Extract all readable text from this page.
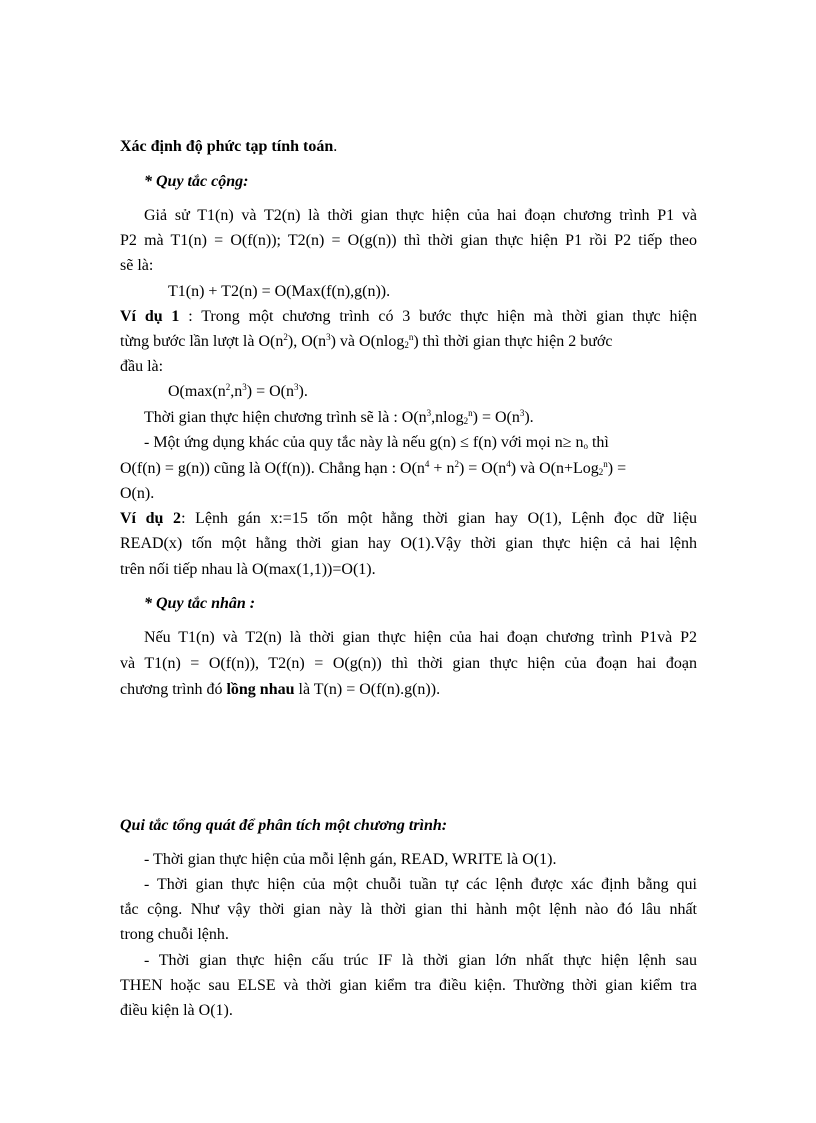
Xác định độ phức tạp tính toán.
* Quy tắc cộng:
Giả sử T1(n) và T2(n) là thời gian thực hiện của hai đoạn chương trình P1 và
P2 mà T1(n) = O(f(n)); T2(n) = O(g(n)) thì thời gian thực hiện P1 rồi P2 tiếp theo
sẽ là:
T1(n) + T2(n) = O(Max(f(n),g(n)).
Ví dụ 1 : Trong một chương trình có 3 bước thực hiện mà thời gian thực hiện
từng bước lần lượt là $O(n^2)$, $O(n^3)$ và O(nlog$_2^n$) thì thời gian thực hiện 2 bước
đầu là:
$O(\max(n^2,n^3) = O(n^3)$.
Thời gian thực hiện chương trình sẽ là : $O(n^3,nlog_2^n) = O(n^3)$.
- Một ứng dụng khác của quy tắc này là nếu g(n) ≤ f(n) với mọi $n\ge n_o$ thì
O(f(n) = g(n)) cũng là O(f(n)). Chẳng hạn : $O(n^4 + n^2) = O(n^4)$ và O(n+Log$_2^n$) =
O(n).
Ví dụ 2: Lệnh gán x:=15 tốn một hằng thời gian hay O(1), Lệnh đọc dữ liệu
READ(x) tốn một hằng thời gian hay O(1).Vậy thời gian thực hiện cả hai lệnh
trên nối tiếp nhau là O(max(1,1))=O(1).
* Quy tắc nhân :
Nếu T1(n) và T2(n) là thời gian thực hiện của hai đoạn chương trình P1và P2
và T1(n) = O(f(n)), T2(n) = O(g(n)) thì thời gian thực hiện của đoạn hai đoạn
chương trình đó lồng nhau là T(n) = O(f(n).g(n)).
Qui tắc tổng quát để phân tích một chương trình:
- Thời gian thực hiện của mỗi lệnh gán, READ, WRITE là O(1).
- Thời gian thực hiện của một chuỗi tuần tự các lệnh được xác định bằng qui
tắc cộng. Như vậy thời gian này là thời gian thi hành một lệnh nào đó lâu nhất
trong chuỗi lệnh.
- Thời gian thực hiện cấu trúc IF là thời gian lớn nhất thực hiện lệnh sau
THEN hoặc sau ELSE và thời gian kiểm tra điều kiện. Thường thời gian kiểm tra
điều kiện là O(1).
